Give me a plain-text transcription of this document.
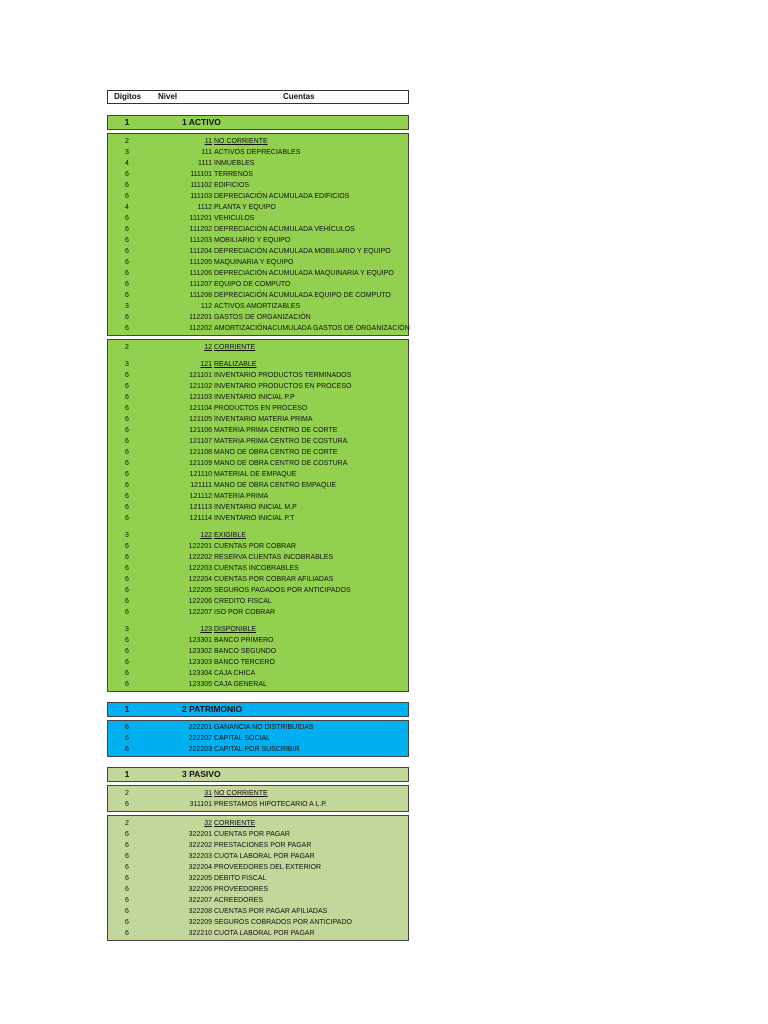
Dígitos Nivel	Cuentas
1	1 ACTIVO
2	11 NO CORRIENTE
3	111 ACTIVOS DEPRECIABLES
4	1111 INMUEBLES
6	111101 TERRENOS
6	111102 EDIFICIOS
6	111103 DEPRECIACIÓN ACUMULADA EDIFICIOS
4	1112 PLANTA Y EQUIPO
6	111201 VEHICULOS
6	111202 DEPRECIACIÓN ACUMULADA VEHÍCULOS
6	111203 MOBILIARIO Y EQUIPO
6	111204 DEPRECIACIÓN ACUMULADA MOBILIARIO Y EQUIPO
6	111205 MAQUINARIA Y EQUIPO
6	111206 DEPRECIACIÓN ACUMULADA MAQUINARIA Y EQUIPO
6	111207 EQUIPO DE COMPUTO
6	111208 DEPRECIACIÓN ACUMULADA EQUIPO DE COMPUTO
3	112 ACTIVOS AMORTIZABLES
6	112201 GASTOS DE ORGANIZACIÓN
6	112202 AMORTIZACIÓNACUMULADA GASTOS DE ORGANIZACIÓN
2	12 CORRIENTE
3	121 REALIZABLE
6	121101 INVENTARIO PRODUCTOS TERMINADOS
6	121102 INVENTARIO PRODUCTOS EN PROCESO
6	121103 INVENTARIO INICIAL P.P
6	121104 PRODUCTOS EN PROCESO
6	121105 INVENTARIO MATERIA PRIMA
6	121106 MATERIA PRIMA CENTRO DE CORTE
6	121107 MATERIA PRIMA CENTRO DE COSTURA
6	121108 MANO DE OBRA CENTRO DE CORTE
6	121109 MANO DE OBRA CENTRO DE COSTURA
6	121110 MATERIAL DE EMPAQUE
6	121111 MANO DE OBRA CENTRO EMPAQUE
6	121112 MATERIA PRIMA
6	121113 INVENTARIO INICIAL M.P
6	121114 INVENTARIO INICIAL P.T
3	122 EXIGIBLE
6	122201 CUENTAS POR COBRAR
6	122202 RESERVA CUENTAS INCOBRABLES
6	122203 CUENTAS INCOBRABLES
6	122204 CUENTAS POR COBRAR AFILIADAS
6	122205 SEGUROS PAGADOS POR ANTICIPADOS
6	122206 CREDITO FISCAL
6	122207 ISO POR COBRAR
3	123 DISPONIBLE
6	123301 BANCO PRIMERO
6	123302 BANCO SEGUNDO
6	123303 BANCO TERCERO
6	123304 CAJA CHICA
6	123305 CAJA GENERAL
1	2 PATRIMONIO
6	222201 GANANCIA NO DISTRIBUIDAS
6	222202 CAPITAL SOCIAL
6	222203 CAPITAL POR SUSCRIBIR
1	3 PASIVO
2	31 NO CORRIENTE
6	311101 PRESTAMOS HIPOTECARIO A L.P.
2	32 CORRIENTE
6	322201 CUENTAS POR PAGAR
6	322202 PRESTACIONES POR PAGAR
6	322203 CUOTA LABORAL POR PAGAR
6	322204 PROVEEDORES DEL EXTERIOR
6	322205 DEBITO FISCAL
6	322206 PROVEEDORES
6	322207 ACREEDORES
6	322208 CUENTAS POR PAGAR AFILIADAS
6	322209 SEGUROS COBRADOS POR ANTICIPADO
6	322210 CUOTA LABORAL POR PAGAR
